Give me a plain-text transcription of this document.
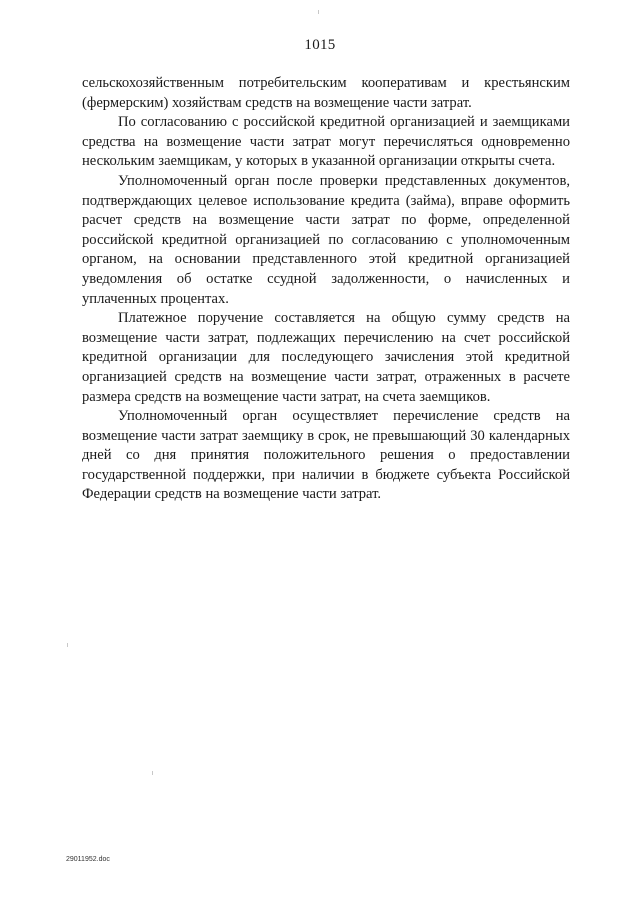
1015

сельскохозяйственным потребительским кооперативам и крестьянским (фермерским) хозяйствам средств на возмещение части затрат.

По согласованию с российской кредитной организацией и заемщиками средства на возмещение части затрат могут перечисляться одновременно нескольким заемщикам, у которых в указанной организации открыты счета.

Уполномоченный орган после проверки представленных документов, подтверждающих целевое использование кредита (займа), вправе оформить расчет средств на возмещение части затрат по форме, определенной российской кредитной организацией по согласованию с уполномоченным органом, на основании представленного этой кредитной организацией уведомления об остатке ссудной задолженности, о начисленных и уплаченных процентах.

Платежное поручение составляется на общую сумму средств на возмещение части затрат, подлежащих перечислению на счет российской кредитной организации для последующего зачисления этой кредитной организацией средств на возмещение части затрат, отраженных в расчете размера средств на возмещение части затрат, на счета заемщиков.

Уполномоченный орган осуществляет перечисление средств на возмещение части затрат заемщику в срок, не превышающий 30 календарных дней со дня принятия положительного решения о предоставлении государственной поддержки, при наличии в бюджете субъекта Российской Федерации средств на возмещение части затрат.

29011952.doc
